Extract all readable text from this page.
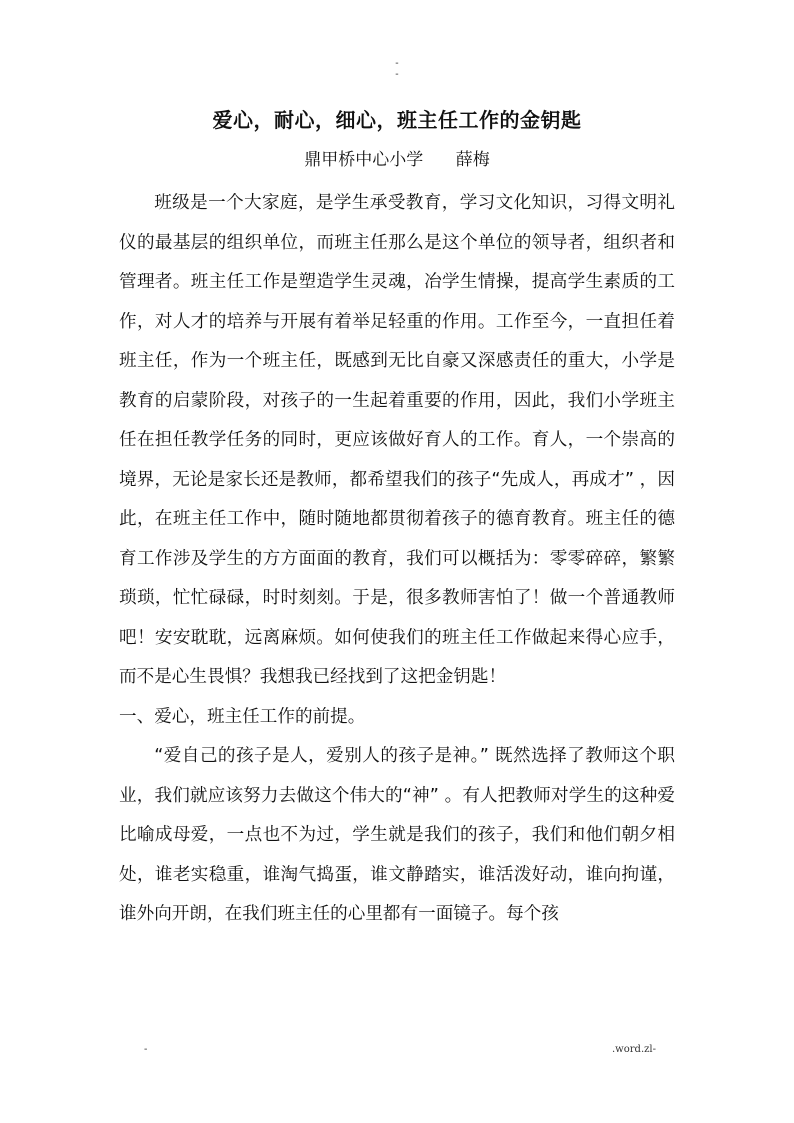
-
-
爱心，耐心，细心，班主任工作的金钥匙
鼎甲桥中心小学      薛梅

班级是一个大家庭，是学生承受教育，学习文化知识，习得文明礼仪的最基层的组织单位，而班主任那么是这个单位的领导者，组织者和管理者。班主任工作是塑造学生灵魂，冶学生情操，提高学生素质的工作，对人才的培养与开展有着举足轻重的作用。工作至今，一直担任着班主任，作为一个班主任，既感到无比自豪又深感责任的重大，小学是教育的启蒙阶段，对孩子的一生起着重要的作用，因此，我们小学班主任在担任教学任务的同时，更应该做好育人的工作。育人，一个崇高的境界，无论是家长还是教师，都希望我们的孩子“先成人，再成才” ，因此，在班主任工作中，随时随地都贯彻着孩子的德育教育。班主任的德育工作涉及学生的方方面面的教育，我们可以概括为：零零碎碎，繁繁琐琐，忙忙碌碌，时时刻刻。于是，很多教师害怕了！做一个普通教师吧！安安耽耽，远离麻烦。如何使我们的班主任工作做起来得心应手，而不是心生畏惧？我想我已经找到了这把金钥匙！

一、爱心，班主任工作的前提。

“爱自己的孩子是人，爱别人的孩子是神。” 既然选择了教师这个职业，我们就应该努力去做这个伟大的“神” 。有人把教师对学生的这种爱比喻成母爱，一点也不为过，学生就是我们的孩子，我们和他们朝夕相处，谁老实稳重，谁淘气捣蛋，谁文静踏实，谁活泼好动，谁向拘谨，谁外向开朗，在我们班主任的心里都有一面镜子。每个孩

-	.word.zl-
